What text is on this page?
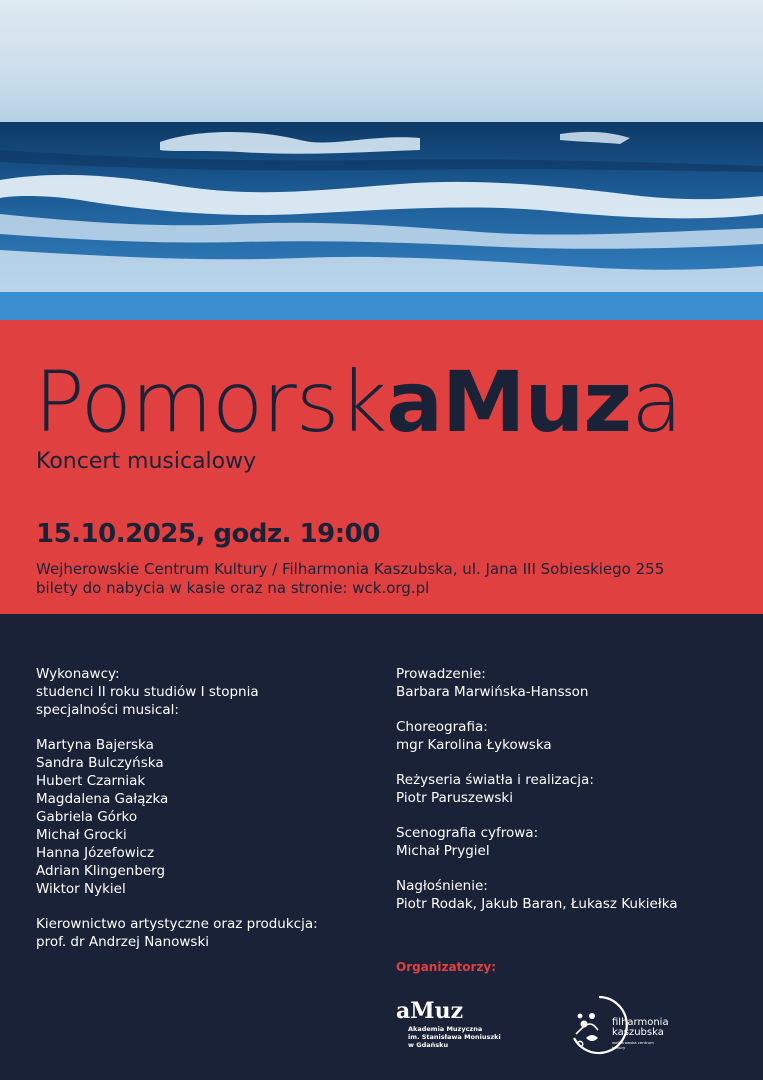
PomorskaMuza
Koncert musicalowy
15.10.2025, godz. 19:00
Wejherowskie Centrum Kultury / Filharmonia Kaszubska, ul. Jana III Sobieskiego 255
bilety do nabycia w kasie oraz na stronie: wck.org.pl

Wykonawcy:

studenci II roku studiów I stopnia

specjalności musical:

Martyna Bajerska

Sandra Bulczyńska

Hubert Czarniak

Magdalena Gałązka

Gabriela Górko

Michał Grocki

Hanna Józefowicz

Adrian Klingenberg

Wiktor Nykiel

Kierownictwo artystyczne oraz produkcja:

prof. dr Andrzej Nanowski

Prowadzenie:

Barbara Marwińska-Hansson

Choreografia:

mgr Karolina Łykowska

Reżyseria światła i realizacja:

Piotr Paruszewski

Scenografia cyfrowa:

Michał Prygiel

Nagłośnienie:

Piotr Rodak, Jakub Baran, Łukasz Kukiełka

Organizatorzy:
aMuz
Akademia Muzyczna
im. Stanisława Moniuszki
w Gdańsku
filharmonia
kaszubska
wejherowska centrum kultury
